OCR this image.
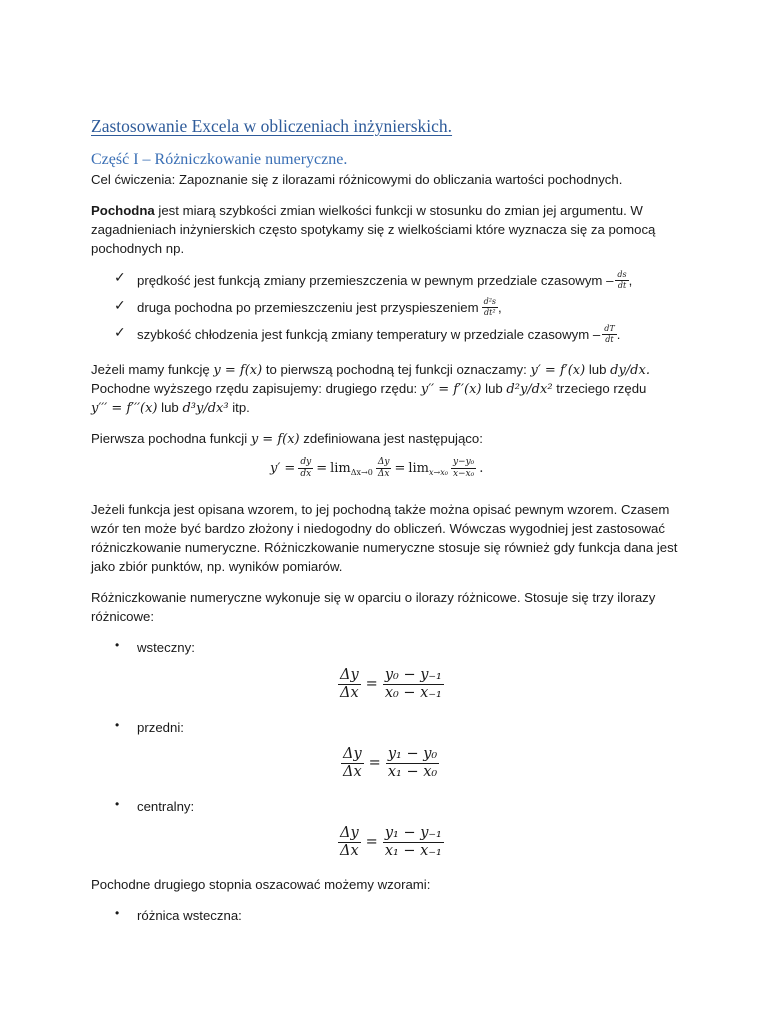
Zastosowanie Excela w obliczeniach inżynierskich.
Część I – Różniczkowanie numeryczne.
Cel ćwiczenia: Zapoznanie się z ilorazami różnicowymi do obliczania wartości pochodnych.
Pochodna jest miarą szybkości zmian wielkości funkcji w stosunku do zmian jej argumentu. W
zagadnieniach inżynierskich często spotykamy się z wielkościami które wyznacza się za pomocą
pochodnych np.
✓ prędkość jest funkcją zmiany przemieszczenia w pewnym przedziale czasowym – $\frac{ds}{dt}$ ,
✓ druga pochodna po przemieszczeniu jest przyspieszeniem $\frac{\text{d²s}}{\text{dt²}}$ ,
✓ szybkość chłodzenia jest funkcją zmiany temperatury w przedziale czasowym – $\frac{dT}{dt}$ .
Jeżeli mamy funkcję y = f(x) to pierwszą pochodną tej funkcji oznaczamy: y′ = f′(x) lub dy/dx.
Pochodne wyższego rzędu zapisujemy: drugiego rzędu: y′′ = f′′(x) lub d²y/dx² trzeciego rzędu
y′′′ = f′′′(x) lub d³y/dx³ itp.
Pierwsza pochodna funkcji y = f(x) zdefiniowana jest następująco:
$y' = \frac{dy}{dx} = \lim_{\Delta x\to 0} \frac{\Delta y}{\Delta x} = \lim_{x\to x_0} \frac{\text{y−y₀}}{\text{x−x₀}}$ .
Jeżeli funkcja jest opisana wzorem, to jej pochodną także można opisać pewnym wzorem. Czasem
wzór ten może być bardzo złożony i niedogodny do obliczeń. Wówczas wygodniej jest zastosować
różniczkowanie numeryczne. Różniczkowanie numeryczne stosuje się również gdy funkcja dana jest
jako zbiór punktów, np. wyników pomiarów.
Różniczkowanie numeryczne wykonuje się w oparciu o ilorazy różnicowe. Stosuje się trzy ilorazy
różnicowe:
• wsteczny:
$\frac{\Delta y}{\Delta x} = \frac{\text{y₀ − y₋₁}}{\text{x₀ − x₋₁}}$
• przedni:
$\frac{\Delta y}{\Delta x} = \frac{\text{y₁ − y₀}}{\text{x₁ − x₀}}$
• centralny:
$\frac{\Delta y}{\Delta x} = \frac{\text{y₁ − y₋₁}}{\text{x₁ − x₋₁}}$
Pochodne drugiego stopnia oszacować możemy wzorami:
• różnica wsteczna:
